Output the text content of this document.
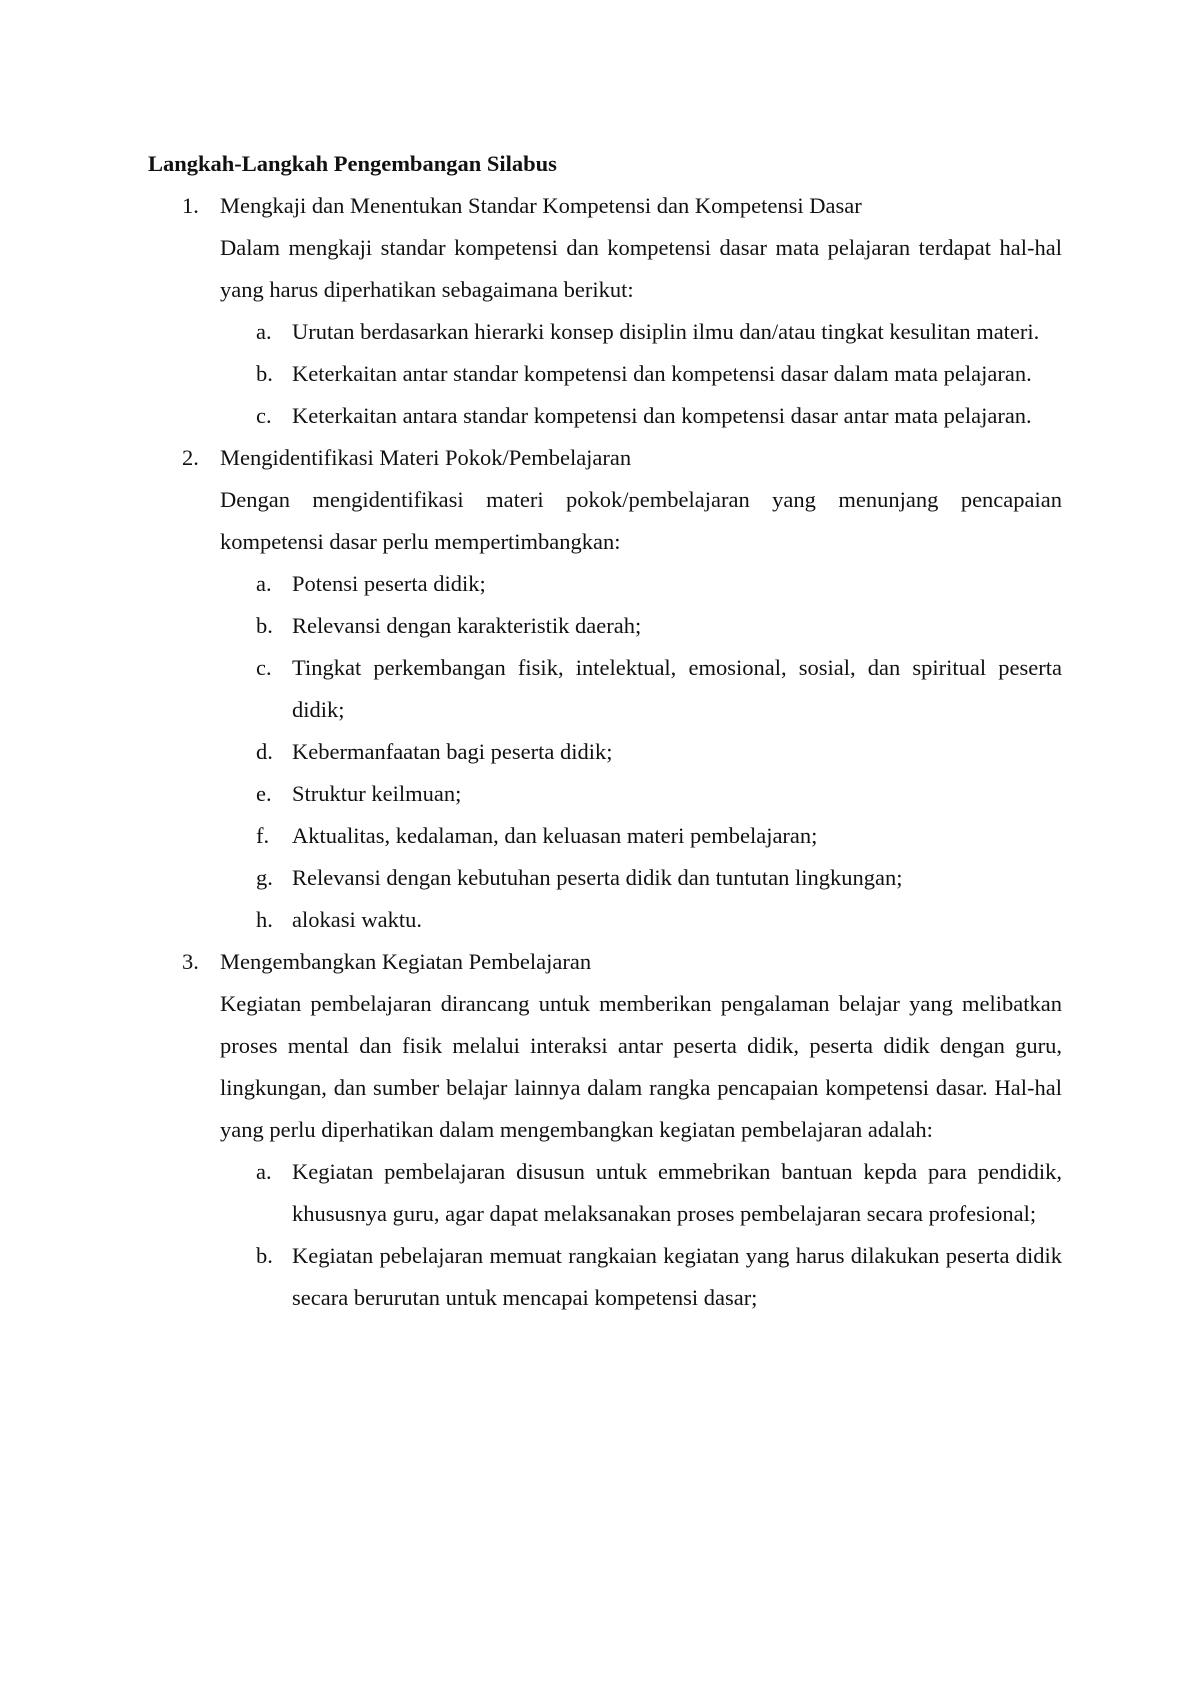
Langkah-Langkah Pengembangan Silabus

1. Mengkaji dan Menentukan Standar Kompetensi dan Kompetensi Dasar

Dalam mengkaji standar kompetensi dan kompetensi dasar mata pelajaran terdapat hal-hal yang harus diperhatikan sebagaimana berikut:

a. Urutan berdasarkan hierarki konsep disiplin ilmu dan/atau tingkat kesulitan materi.
b. Keterkaitan antar standar kompetensi dan kompetensi dasar dalam mata pelajaran.
c. Keterkaitan antara standar kompetensi dan kompetensi dasar antar mata pelajaran.
2. Mengidentifikasi Materi Pokok/Pembelajaran

Dengan mengidentifikasi materi pokok/pembelajaran yang menunjang pencapaian kompetensi dasar perlu mempertimbangkan:

a. Potensi peserta didik;
b. Relevansi dengan karakteristik daerah;
c. Tingkat perkembangan fisik, intelektual, emosional, sosial, dan spiritual peserta didik;
d. Kebermanfaatan bagi peserta didik;
e. Struktur keilmuan;
f. Aktualitas, kedalaman, dan keluasan materi pembelajaran;
g. Relevansi dengan kebutuhan peserta didik dan tuntutan lingkungan;
h. alokasi waktu.
3. Mengembangkan Kegiatan Pembelajaran

Kegiatan pembelajaran dirancang untuk memberikan pengalaman belajar yang melibatkan proses mental dan fisik melalui interaksi antar peserta didik, peserta didik dengan guru, lingkungan, dan sumber belajar lainnya dalam rangka pencapaian kompetensi dasar. Hal-hal yang perlu diperhatikan dalam mengembangkan kegiatan pembelajaran adalah:

a. Kegiatan pembelajaran disusun untuk emmebrikan bantuan kepda para pendidik, khususnya guru, agar dapat melaksanakan proses pembelajaran secara profesional;
b. Kegiatan pebelajaran memuat rangkaian kegiatan yang harus dilakukan peserta didik secara berurutan untuk mencapai kompetensi dasar;
